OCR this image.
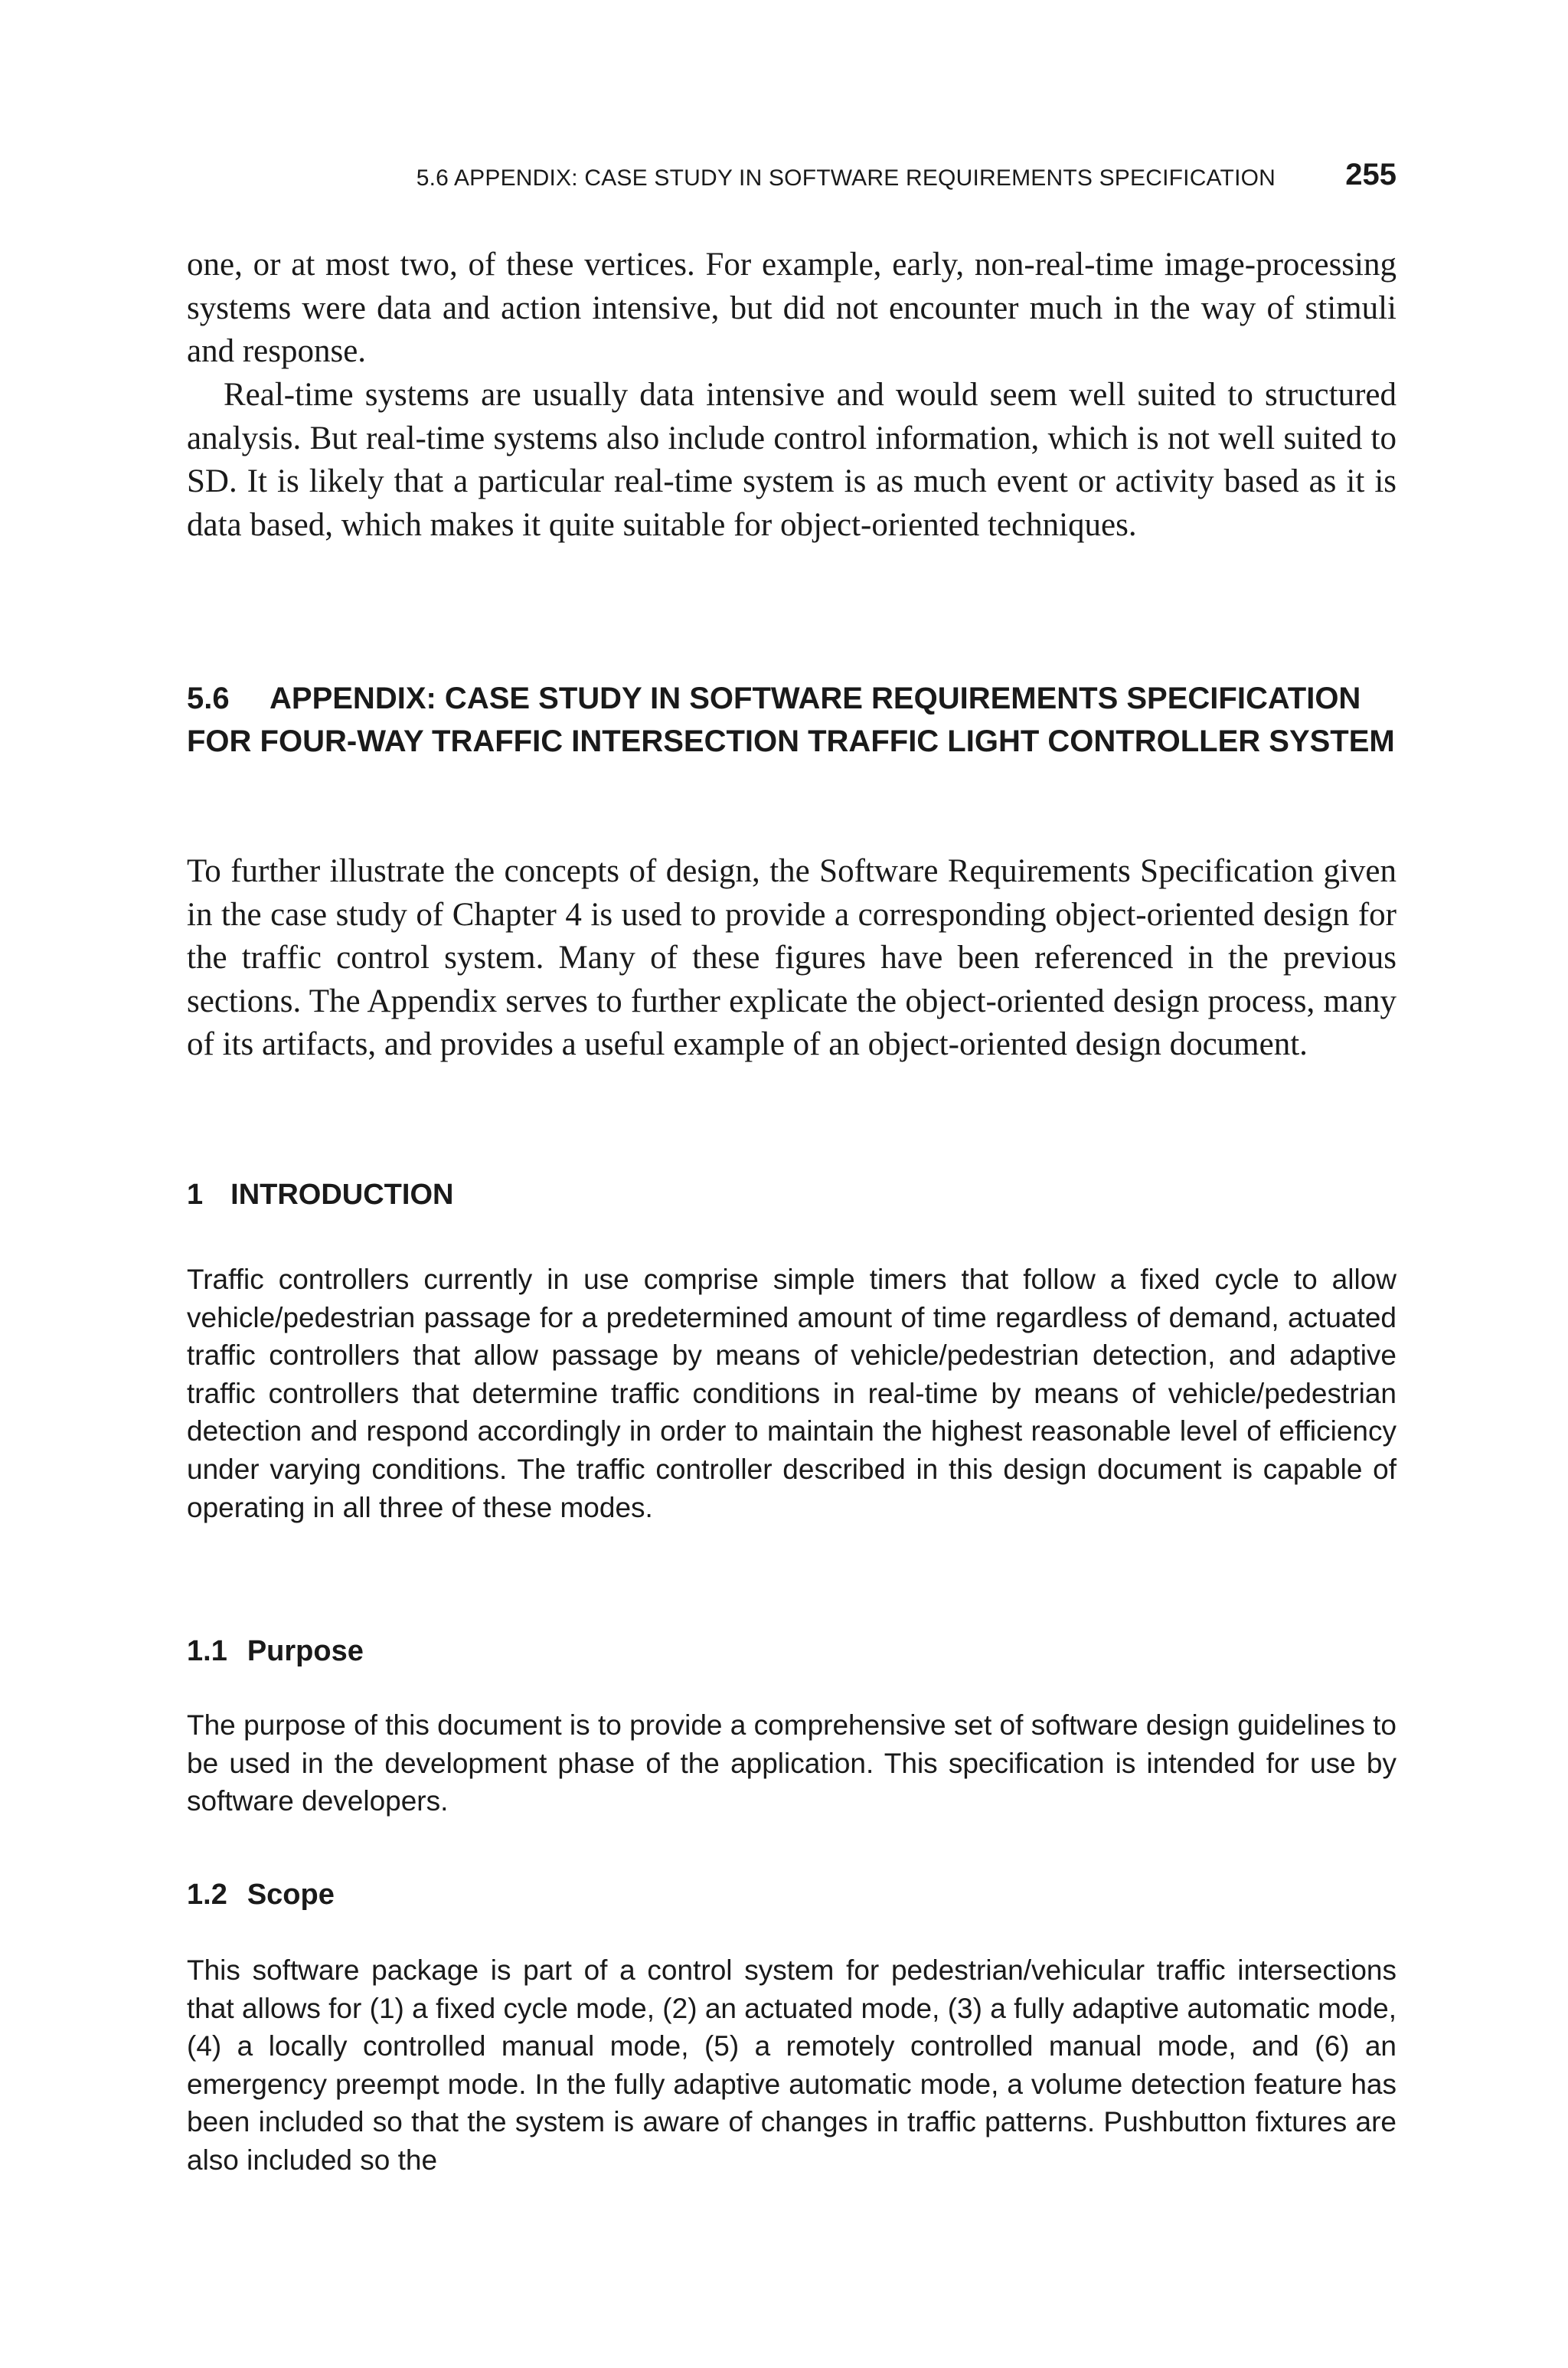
5.6 APPENDIX: CASE STUDY IN SOFTWARE REQUIREMENTS SPECIFICATION 255

one, or at most two, of these vertices. For example, early, non-real-time image-processing systems were data and action intensive, but did not encounter much in the way of stimuli and response.

Real-time systems are usually data intensive and would seem well suited to structured analysis. But real-time systems also include control information, which is not well suited to SD. It is likely that a particular real-time system is as much event or activity based as it is data based, which makes it quite suitable for object-oriented techniques.

5.6 APPENDIX: CASE STUDY IN SOFTWARE REQUIREMENTS SPECIFICATION FOR FOUR-WAY TRAFFIC INTERSECTION TRAFFIC LIGHT CONTROLLER SYSTEM

To further illustrate the concepts of design, the Software Requirements Specification given in the case study of Chapter 4 is used to provide a corresponding object-oriented design for the traffic control system. Many of these figures have been referenced in the previous sections. The Appendix serves to further explicate the object-oriented design process, many of its artifacts, and provides a useful example of an object-oriented design document.

1 INTRODUCTION

Traffic controllers currently in use comprise simple timers that follow a fixed cycle to allow vehicle/pedestrian passage for a predetermined amount of time regardless of demand, actuated traffic controllers that allow passage by means of vehicle/pedestrian detection, and adaptive traffic controllers that determine traffic conditions in real-time by means of vehicle/pedestrian detection and respond accordingly in order to maintain the highest reasonable level of efficiency under varying conditions. The traffic controller described in this design document is capable of operating in all three of these modes.

1.1 Purpose

The purpose of this document is to provide a comprehensive set of software design guidelines to be used in the development phase of the application. This specification is intended for use by software developers.

1.2 Scope

This software package is part of a control system for pedestrian/vehicular traffic intersections that allows for (1) a fixed cycle mode, (2) an actuated mode, (3) a fully adaptive automatic mode, (4) a locally controlled manual mode, (5) a remotely controlled manual mode, and (6) an emergency preempt mode. In the fully adaptive automatic mode, a volume detection feature has been included so that the system is aware of changes in traffic patterns. Pushbutton fixtures are also included so the
